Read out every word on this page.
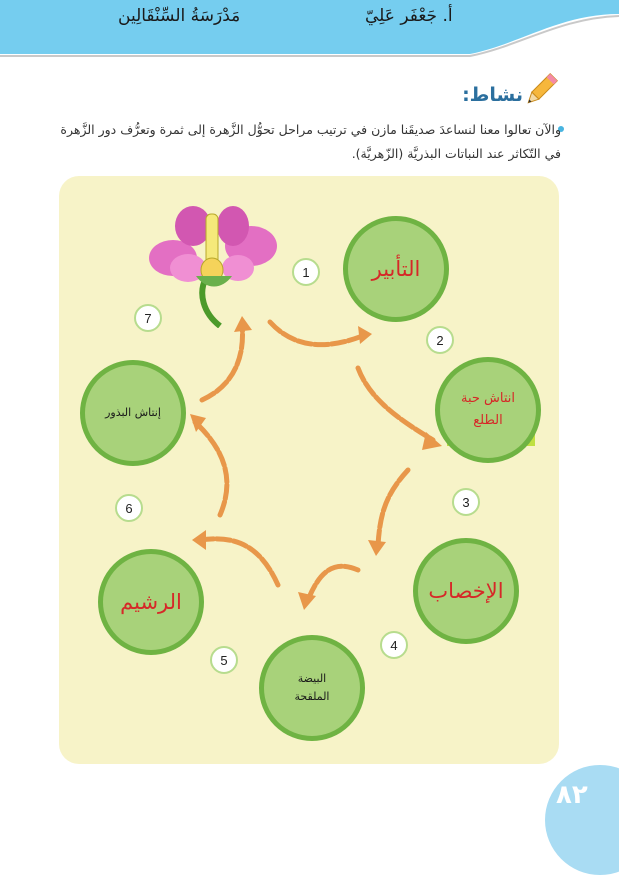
أ. جَعْفَر عَلِيّ
مَدْرَسَةُ السِّنْقَالِين
نشاط:
والآن تعالوا معنا لنساعدَ صديقَنا مازن في ترتيب مراحل تحوُّل الزَّهرة إلى ثمرة وتعرُّف دور الزَّهرة في التّكاثر عند النباتات البذريَّة (الزّهريَّة).
التأبير
انتاش حبة الطلع
الإخصاب
البيضة الملقحة
الرشيم
إنتاش البذور
1
2
3
4
5
6
7
٨٢
